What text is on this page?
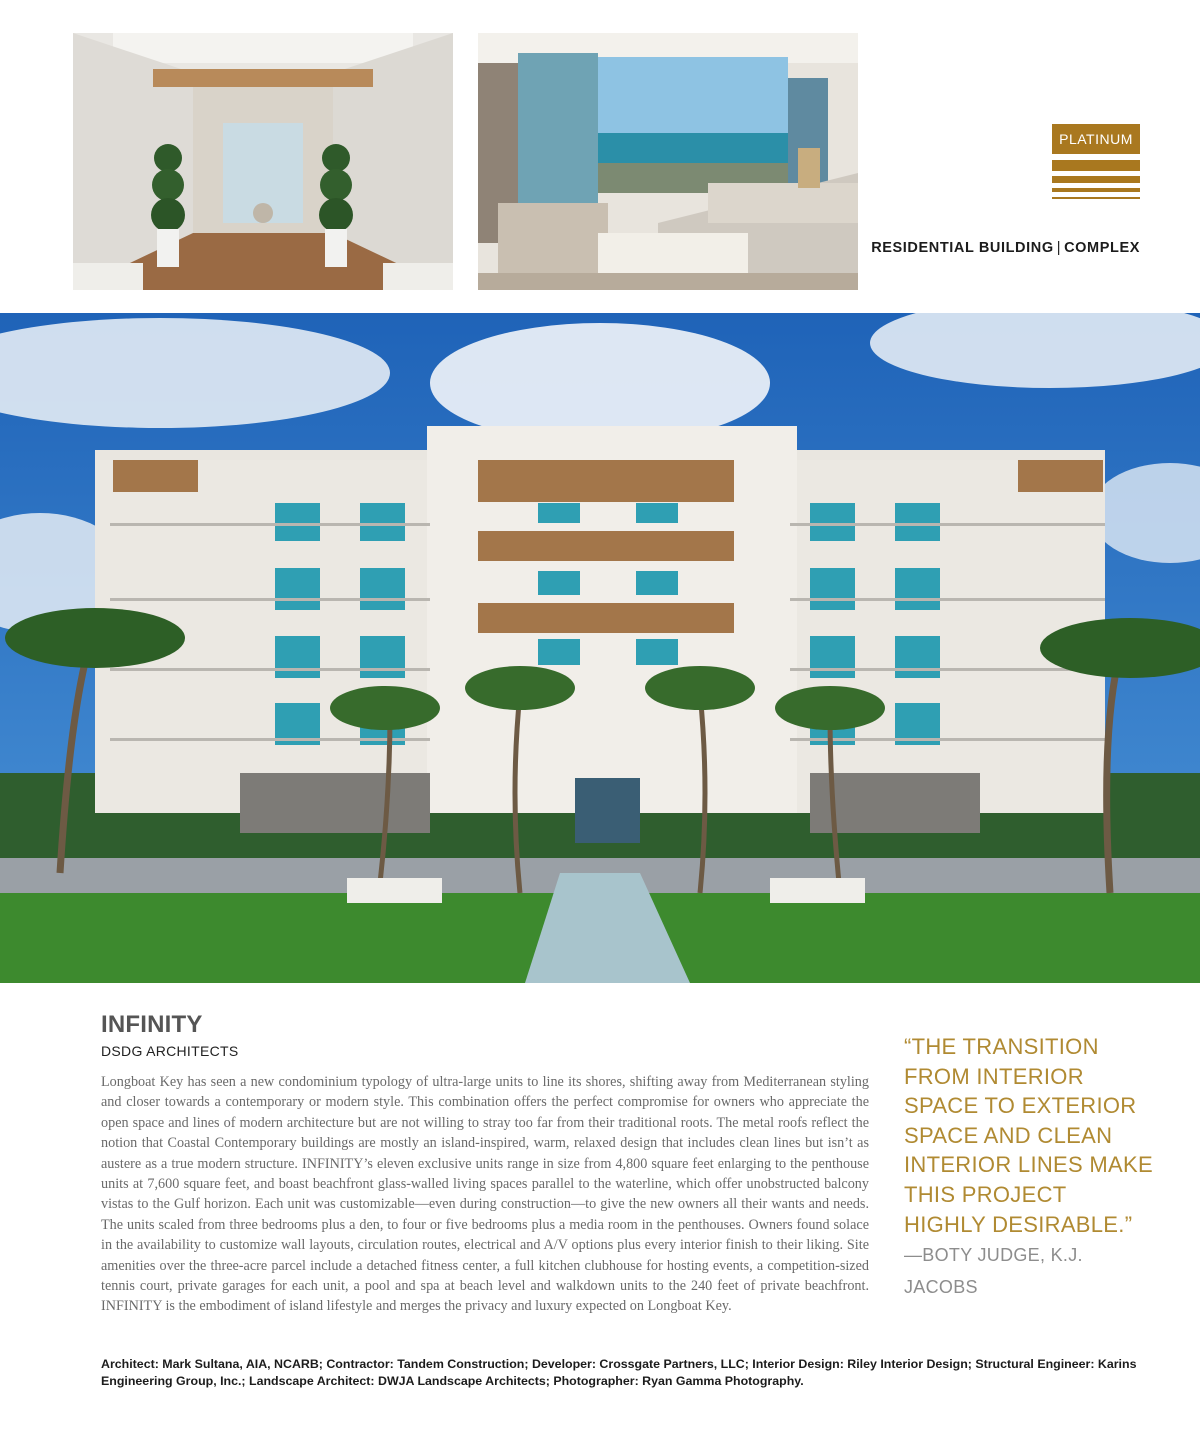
PLATINUM
RESIDENTIAL BUILDING | COMPLEX
INFINITY
DSDG ARCHITECTS

Longboat Key has seen a new condominium typology of ultra-large units to line its shores, shifting away from Mediterranean styling and closer towards a contemporary or modern style. This combination offers the perfect compromise for owners who appreciate the open space and lines of modern architecture but are not willing to stray too far from their traditional roots. The metal roofs reflect the notion that Coastal Contemporary buildings are mostly an island-inspired, warm, relaxed design that includes clean lines but isn’t as austere as a true modern structure. INFINITY’s eleven exclusive units range in size from 4,800 square feet enlarging to the penthouse units at 7,600 square feet, and boast beachfront glass-walled living spaces parallel to the waterline, which offer unobstructed balcony vistas to the Gulf horizon. Each unit was customizable—even during construction—to give the new owners all their wants and needs. The units scaled from three bedrooms plus a den, to four or five bedrooms plus a media room in the penthouses. Owners found solace in the availability to customize wall layouts, circulation routes, electrical and A/V options plus every interior finish to their liking. Site amenities over the three-acre parcel include a detached fitness center, a full kitchen clubhouse for hosting events, a competition-sized tennis court, private garages for each unit, a pool and spa at beach level and walkdown units to the 240 feet of private beachfront. INFINITY is the embodiment of island lifestyle and merges the privacy and luxury expected on Longboat Key.

“THE TRANSITION FROM INTERIOR SPACE TO EXTERIOR SPACE AND CLEAN INTERIOR LINES MAKE THIS PROJECT HIGHLY DESIRABLE.” —BOTY JUDGE, K.J. JACOBS

Architect: Mark Sultana, AIA, NCARB; Contractor: Tandem Construction; Developer: Crossgate Partners, LLC; Interior Design: Riley Interior Design; Structural Engineer: Karins Engineering Group, Inc.; Landscape Architect: DWJA Landscape Architects; Photographer: Ryan Gamma Photography.
